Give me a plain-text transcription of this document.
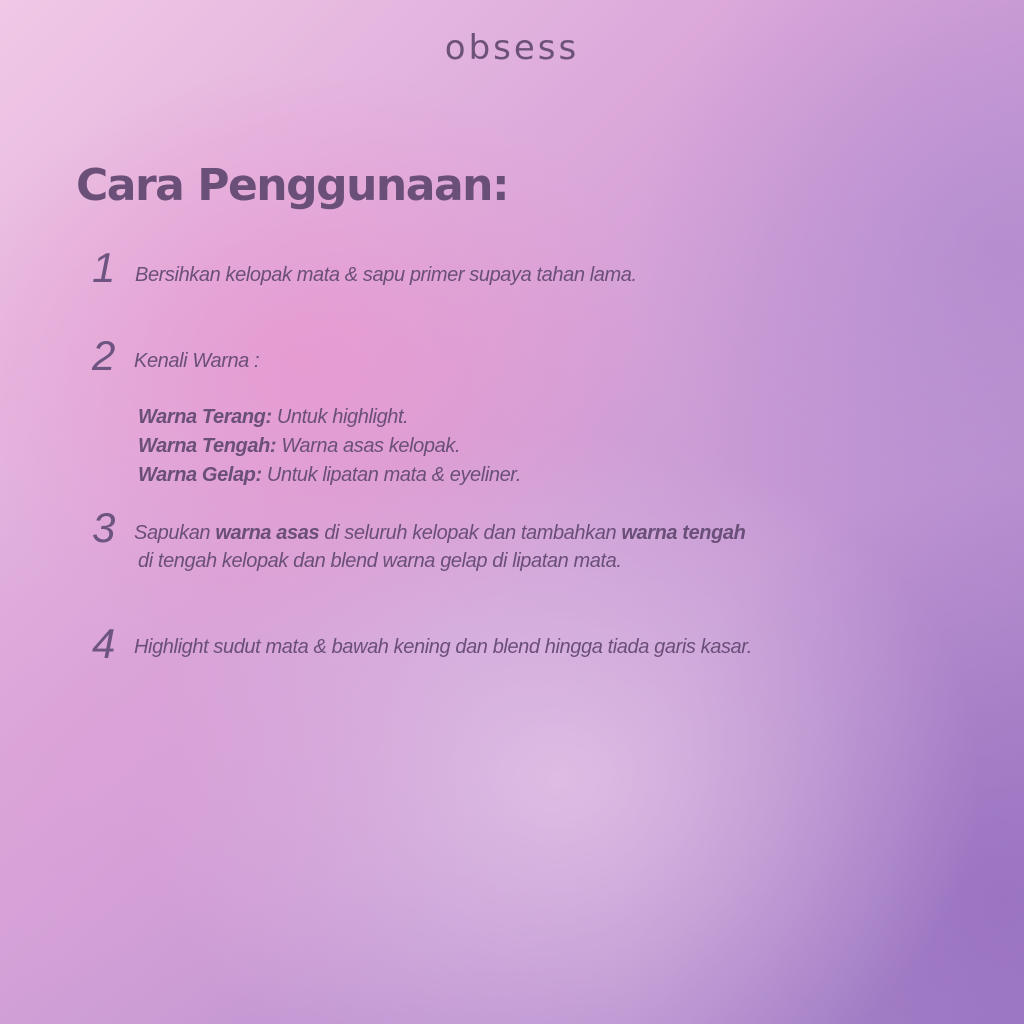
obsess
Cara Penggunaan:
1 Bersihkan kelopak mata & sapu primer supaya tahan lama.
2 Kenali Warna :
Warna Terang: Untuk highlight.
Warna Tengah: Warna asas kelopak.
Warna Gelap: Untuk lipatan mata & eyeliner.
3 Sapukan warna asas di seluruh kelopak dan tambahkan warna tengah
di tengah kelopak dan blend warna gelap di lipatan mata.
4 Highlight sudut mata & bawah kening dan blend hingga tiada garis kasar.
